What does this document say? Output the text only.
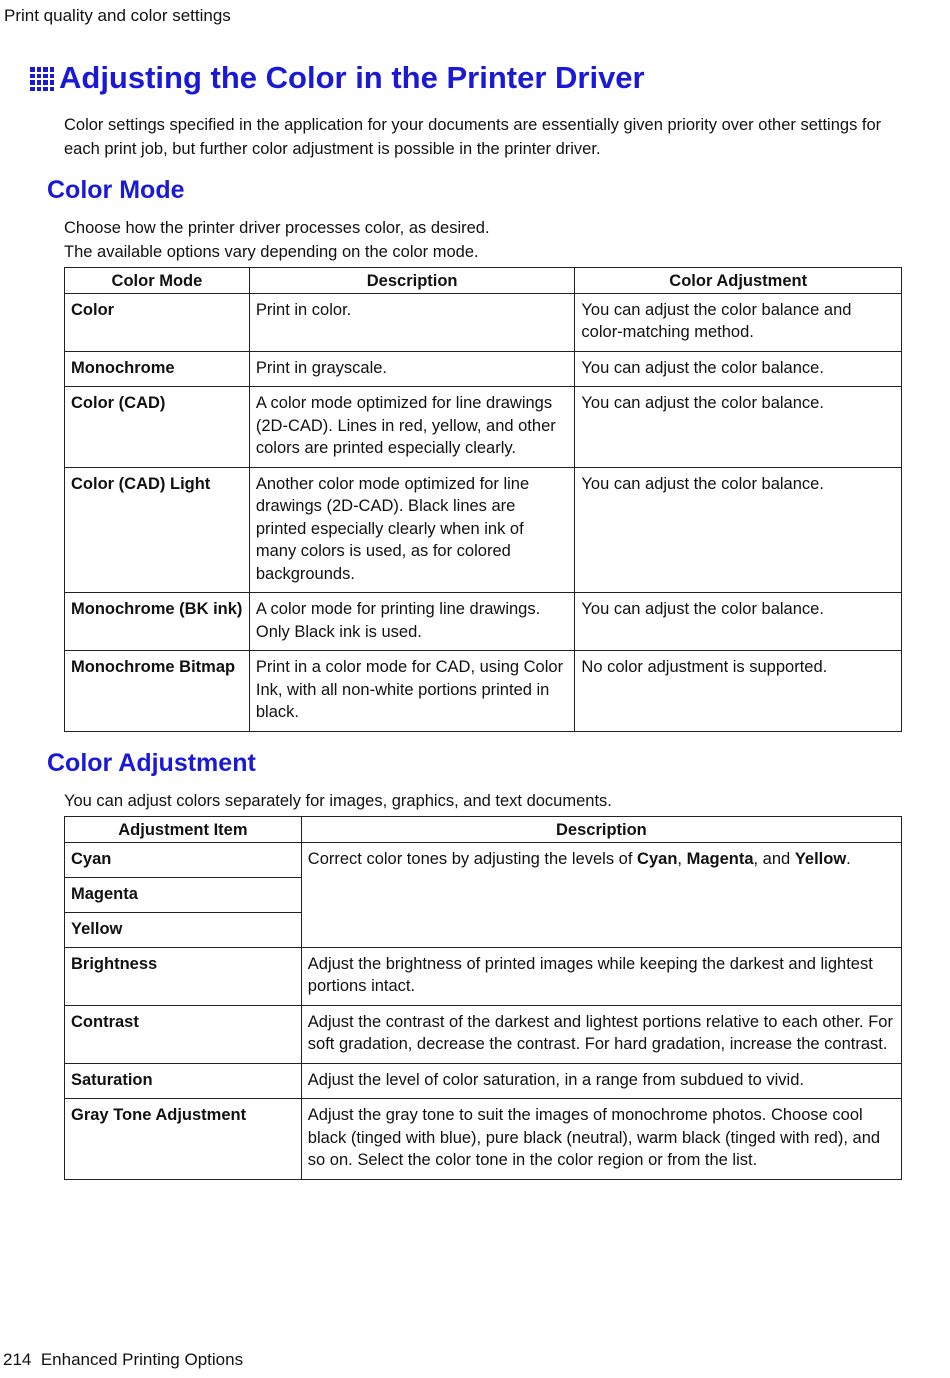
Print quality and color settings
Adjusting the Color in the Printer Driver

Color settings specified in the application for your documents are essentially given priority over other settings for each print job, but further color adjustment is possible in the printer driver.

Color Mode

Choose how the printer driver processes color, as desired.

The available options vary depending on the color mode.

Color Mode	Description	Color Adjustment
Color	Print in color.	You can adjust the color balance and color-matching method.
Monochrome	Print in grayscale.	You can adjust the color balance.
Color (CAD)	A color mode optimized for line drawings (2D-CAD). Lines in red, yellow, and other colors are printed especially clearly.	You can adjust the color balance.
Color (CAD) Light	Another color mode optimized for line drawings (2D-CAD). Black lines are printed especially clearly when ink of many colors is used, as for colored backgrounds.	You can adjust the color balance.
Monochrome (BK ink)	A color mode for printing line drawings. Only Black ink is used.	You can adjust the color balance.
Monochrome Bitmap	Print in a color mode for CAD, using Color Ink, with all non-white portions printed in black.	No color adjustment is supported.
Color Adjustment

You can adjust colors separately for images, graphics, and text documents.

Adjustment Item	Description
Cyan	Correct color tones by adjusting the levels of Cyan, Magenta, and Yellow.
Magenta	
Yellow	
Brightness	Adjust the brightness of printed images while keeping the darkest and lightest portions intact.
Contrast	Adjust the contrast of the darkest and lightest portions relative to each other. For soft gradation, decrease the contrast. For hard gradation, increase the contrast.
Saturation	Adjust the level of color saturation, in a range from subdued to vivid.
Gray Tone Adjustment	Adjust the gray tone to suit the images of monochrome photos. Choose cool black (tinged with blue), pure black (neutral), warm black (tinged with red), and so on. Select the color tone in the color region or from the list.
214 Enhanced Printing Options
